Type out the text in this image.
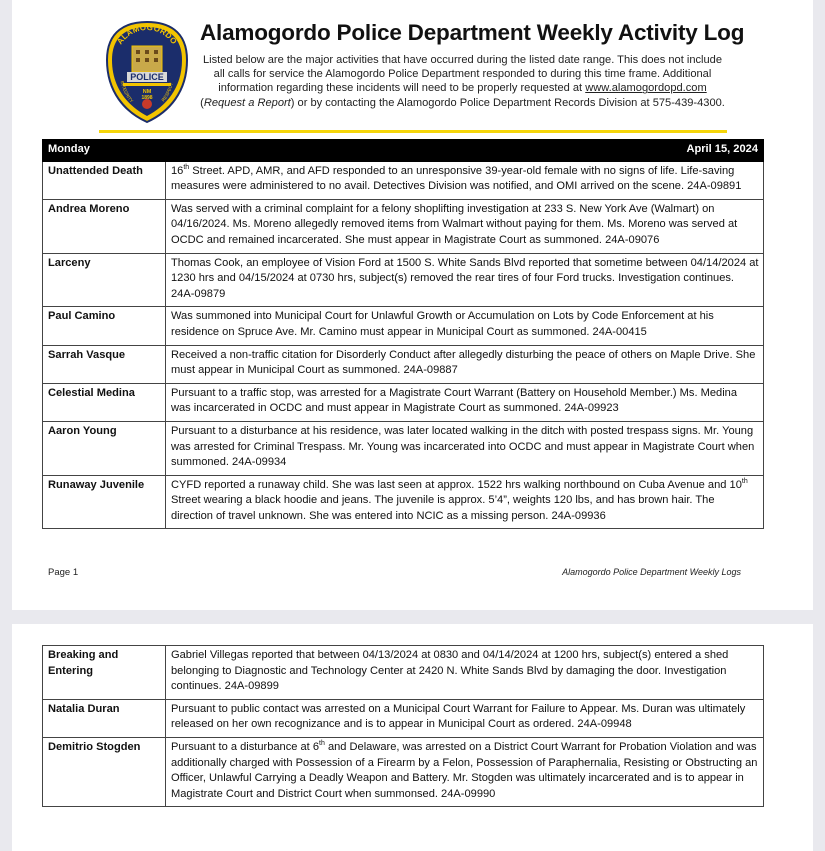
ALAMOGORDO
POLICE
INTEGRITY	RESPECT
NM
1898
Alamogordo Police Department Weekly Activity Log
Listed below are the major activities that have occurred during the listed date range. This does not include all calls for service the Alamogordo Police Department responded to during this time frame. Additional information regarding these incidents will need to be properly requested at www.alamogordopd.com (Request a Report) or by contacting the Alamogordo Police Department Records Division at 575-439-4300.
Monday	April 15, 2024
Unattended Death	16th Street. APD, AMR, and AFD responded to an unresponsive 39-year-old female with no signs of life. Life-saving measures were administered to no avail. Detectives Division was notified, and OMI arrived on the scene. 24A-09891
Andrea Moreno	Was served with a criminal complaint for a felony shoplifting investigation at 233 S. New York Ave (Walmart) on 04/16/2024. Ms. Moreno allegedly removed items from Walmart without paying for them. Ms. Moreno was served at OCDC and remained incarcerated. She must appear in Magistrate Court as summoned. 24A-09076
Larceny	Thomas Cook, an employee of Vision Ford at 1500 S. White Sands Blvd reported that sometime between 04/14/2024 at 1230 hrs and 04/15/2024 at 0730 hrs, subject(s) removed the rear tires of four Ford trucks. Investigation continues. 24A-09879
Paul Camino	Was summoned into Municipal Court for Unlawful Growth or Accumulation on Lots by Code Enforcement at his residence on Spruce Ave. Mr. Camino must appear in Municipal Court as summoned. 24A-00415
Sarrah Vasque	Received a non-traffic citation for Disorderly Conduct after allegedly disturbing the peace of others on Maple Drive. She must appear in Municipal Court as summoned. 24A-09887
Celestial Medina	Pursuant to a traffic stop, was arrested for a Magistrate Court Warrant (Battery on Household Member.) Ms. Medina was incarcerated in OCDC and must appear in Magistrate Court as summoned. 24A-09923
Aaron Young	Pursuant to a disturbance at his residence, was later located walking in the ditch with posted trespass signs. Mr. Young was arrested for Criminal Trespass. Mr. Young was incarcerated into OCDC and must appear in Magistrate Court when summoned. 24A-09934
Runaway Juvenile	CYFD reported a runaway child. She was last seen at approx. 1522 hrs walking northbound on Cuba Avenue and 10th Street wearing a black hoodie and jeans. The juvenile is approx. 5’4”, weights 120 lbs, and has brown hair. The direction of travel unknown. She was entered into NCIC as a missing person. 24A-09936
Page 1	Alamogordo Police Department Weekly Logs
Breaking and Entering	Gabriel Villegas reported that between 04/13/2024 at 0830 and 04/14/2024 at 1200 hrs, subject(s) entered a shed belonging to Diagnostic and Technology Center at 2420 N. White Sands Blvd by damaging the door. Investigation continues. 24A-09899
Natalia Duran	Pursuant to public contact was arrested on a Municipal Court Warrant for Failure to Appear. Ms. Duran was ultimately released on her own recognizance and is to appear in Municipal Court as ordered. 24A-09948
Demitrio Stogden	Pursuant to a disturbance at 6th and Delaware, was arrested on a District Court Warrant for Probation Violation and was additionally charged with Possession of a Firearm by a Felon, Possession of Paraphernalia, Resisting or Obstructing an Officer, Unlawful Carrying a Deadly Weapon and Battery. Mr. Stogden was ultimately incarcerated and is to appear in Magistrate Court and District Court when summonsed. 24A-09990
